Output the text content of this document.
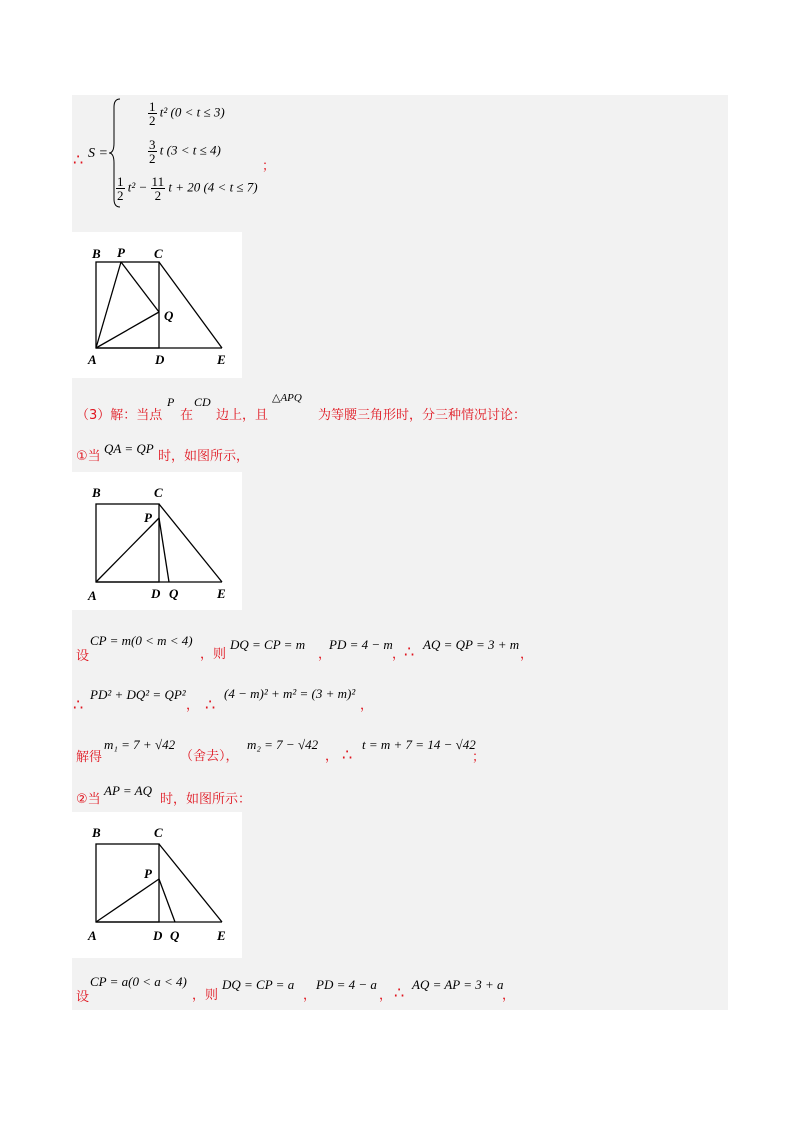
∴ S =
$\frac{1}{2} t^2$ (0 < t ≤ 3)
$\frac{3}{2}$ t (3 < t ≤ 4)
$\frac{1}{2} t^2 - \frac{11}{2}$ t + 20 (4 < t ≤ 7)
；
B P C
Q
A	D	E
（3）解：当点
P
在
CD
边上，且
△APQ
为等腰三角形时，分三种情况讨论：
①当
QA = QP
时，如图所示，
B	C
P
A	D Q	E
设
CP = m(0 < m < 4)
，则
DQ = CP = m
，
PD = 4 − m
，
∴ AQ = QP = 3 + m
，
∴
PD² + DQ² = QP²
， ∴
(4 − m)² + m² = (3 + m)²
，
解得
m₁ = 7 + √42
（舍去），
m₂ = 7 − √42
， ∴
t = m + 7 = 14 − √42
；
②当
AP = AQ
时，如图所示：
B	C
P
A	D Q	E
设
CP = a(0 < a < 4)
，则
DQ = CP = a
，
PD = 4 − a
， ∴ AQ = AP = 3 + a
，
